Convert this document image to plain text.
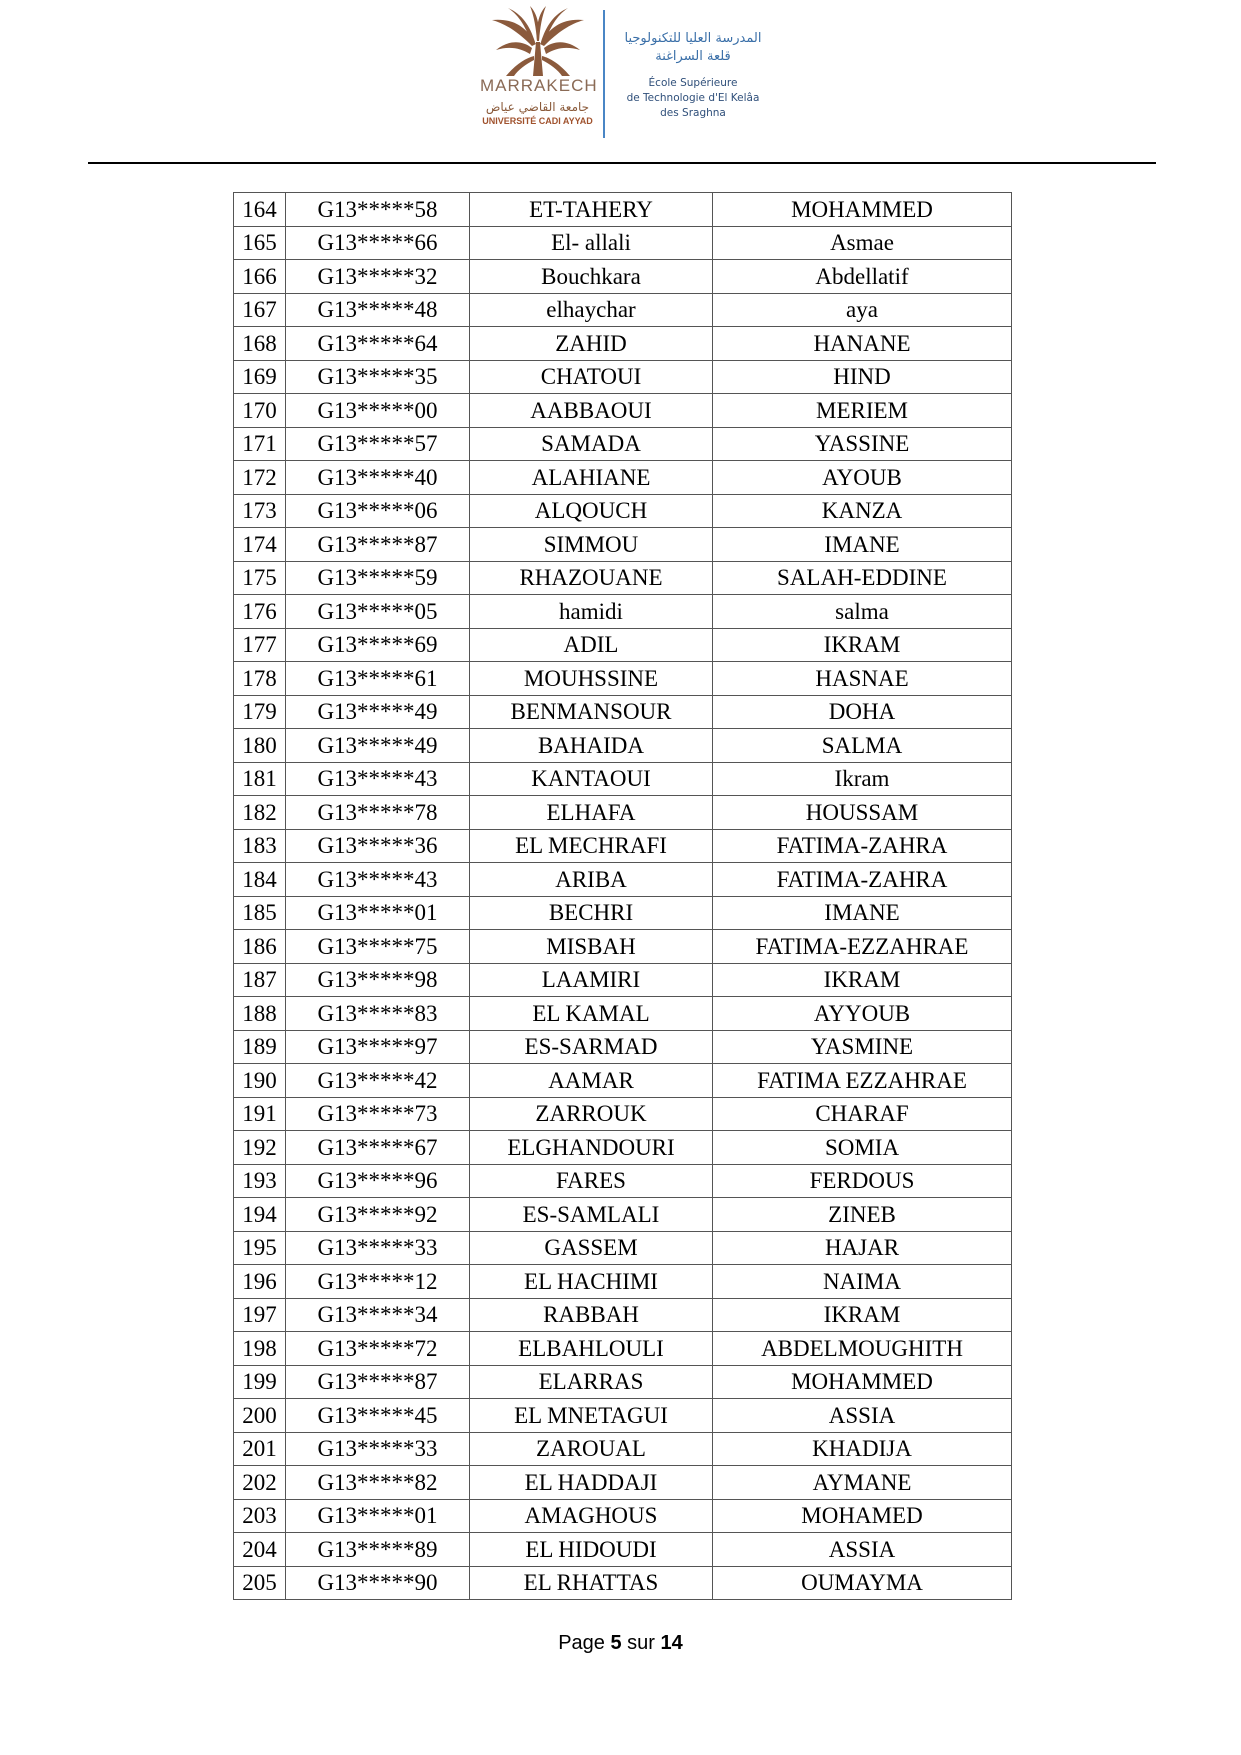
MARRAKECH
جامعة القاضي عياض
UNIVERSITÉ CADI AYYAD
المدرسة العليا للتكنولوجيا
قلعة السراغنة
École Supérieure
de Technologie d'El Kelâa
des Sraghna
164	G13*****58	ET-TAHERY	MOHAMMED
165	G13*****66	El- allali	Asmae
166	G13*****32	Bouchkara	Abdellatif
167	G13*****48	elhaychar	aya
168	G13*****64	ZAHID	HANANE
169	G13*****35	CHATOUI	HIND
170	G13*****00	AABBAOUI	MERIEM
171	G13*****57	SAMADA	YASSINE
172	G13*****40	ALAHIANE	AYOUB
173	G13*****06	ALQOUCH	KANZA
174	G13*****87	SIMMOU	IMANE
175	G13*****59	RHAZOUANE	SALAH-EDDINE
176	G13*****05	hamidi	salma
177	G13*****69	ADIL	IKRAM
178	G13*****61	MOUHSSINE	HASNAE
179	G13*****49	BENMANSOUR	DOHA
180	G13*****49	BAHAIDA	SALMA
181	G13*****43	KANTAOUI	Ikram
182	G13*****78	ELHAFA	HOUSSAM
183	G13*****36	EL MECHRAFI	FATIMA-ZAHRA
184	G13*****43	ARIBA	FATIMA-ZAHRA
185	G13*****01	BECHRI	IMANE
186	G13*****75	MISBAH	FATIMA-EZZAHRAE
187	G13*****98	LAAMIRI	IKRAM
188	G13*****83	EL KAMAL	AYYOUB
189	G13*****97	ES-SARMAD	YASMINE
190	G13*****42	AAMAR	FATIMA EZZAHRAE
191	G13*****73	ZARROUK	CHARAF
192	G13*****67	ELGHANDOURI	SOMIA
193	G13*****96	FARES	FERDOUS
194	G13*****92	ES-SAMLALI	ZINEB
195	G13*****33	GASSEM	HAJAR
196	G13*****12	EL HACHIMI	NAIMA
197	G13*****34	RABBAH	IKRAM
198	G13*****72	ELBAHLOULI	ABDELMOUGHITH
199	G13*****87	ELARRAS	MOHAMMED
200	G13*****45	EL MNETAGUI	ASSIA
201	G13*****33	ZAROUAL	KHADIJA
202	G13*****82	EL HADDAJI	AYMANE
203	G13*****01	AMAGHOUS	MOHAMED
204	G13*****89	EL HIDOUDI	ASSIA
205	G13*****90	EL RHATTAS	OUMAYMA
Page 5 sur 14
